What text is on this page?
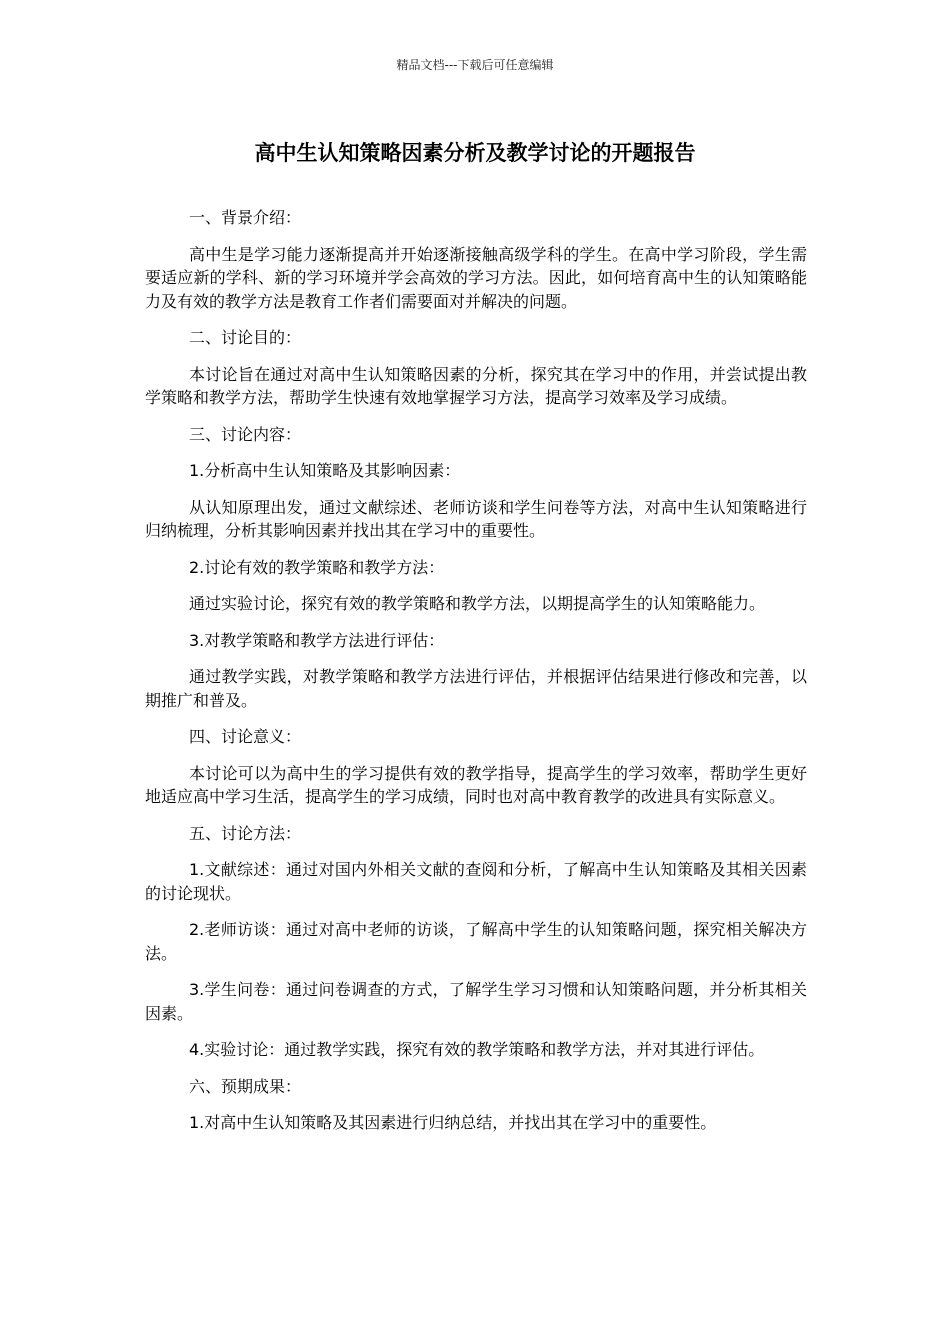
精品文档---下载后可任意编辑
高中生认知策略因素分析及教学讨论的开题报告

一、背景介绍：

高中生是学习能力逐渐提高并开始逐渐接触高级学科的学生。在高中学习阶段，学生需要适应新的学科、新的学习环境并学会高效的学习方法。因此，如何培育高中生的认知策略能力及有效的教学方法是教育工作者们需要面对并解决的问题。

二、讨论目的：

本讨论旨在通过对高中生认知策略因素的分析，探究其在学习中的作用，并尝试提出教学策略和教学方法，帮助学生快速有效地掌握学习方法，提高学习效率及学习成绩。

三、讨论内容：

1.分析高中生认知策略及其影响因素：

从认知原理出发，通过文献综述、老师访谈和学生问卷等方法，对高中生认知策略进行归纳梳理，分析其影响因素并找出其在学习中的重要性。

2.讨论有效的教学策略和教学方法：

通过实验讨论，探究有效的教学策略和教学方法，以期提高学生的认知策略能力。

3.对教学策略和教学方法进行评估：

通过教学实践，对教学策略和教学方法进行评估，并根据评估结果进行修改和完善，以期推广和普及。

四、讨论意义：

本讨论可以为高中生的学习提供有效的教学指导，提高学生的学习效率，帮助学生更好地适应高中学习生活，提高学生的学习成绩，同时也对高中教育教学的改进具有实际意义。

五、讨论方法：

1.文献综述：通过对国内外相关文献的查阅和分析，了解高中生认知策略及其相关因素的讨论现状。

2.老师访谈：通过对高中老师的访谈，了解高中学生的认知策略问题，探究相关解决方法。

3.学生问卷：通过问卷调查的方式，了解学生学习习惯和认知策略问题，并分析其相关因素。

4.实验讨论：通过教学实践，探究有效的教学策略和教学方法，并对其进行评估。

六、预期成果：

1.对高中生认知策略及其因素进行归纳总结，并找出其在学习中的重要性。
